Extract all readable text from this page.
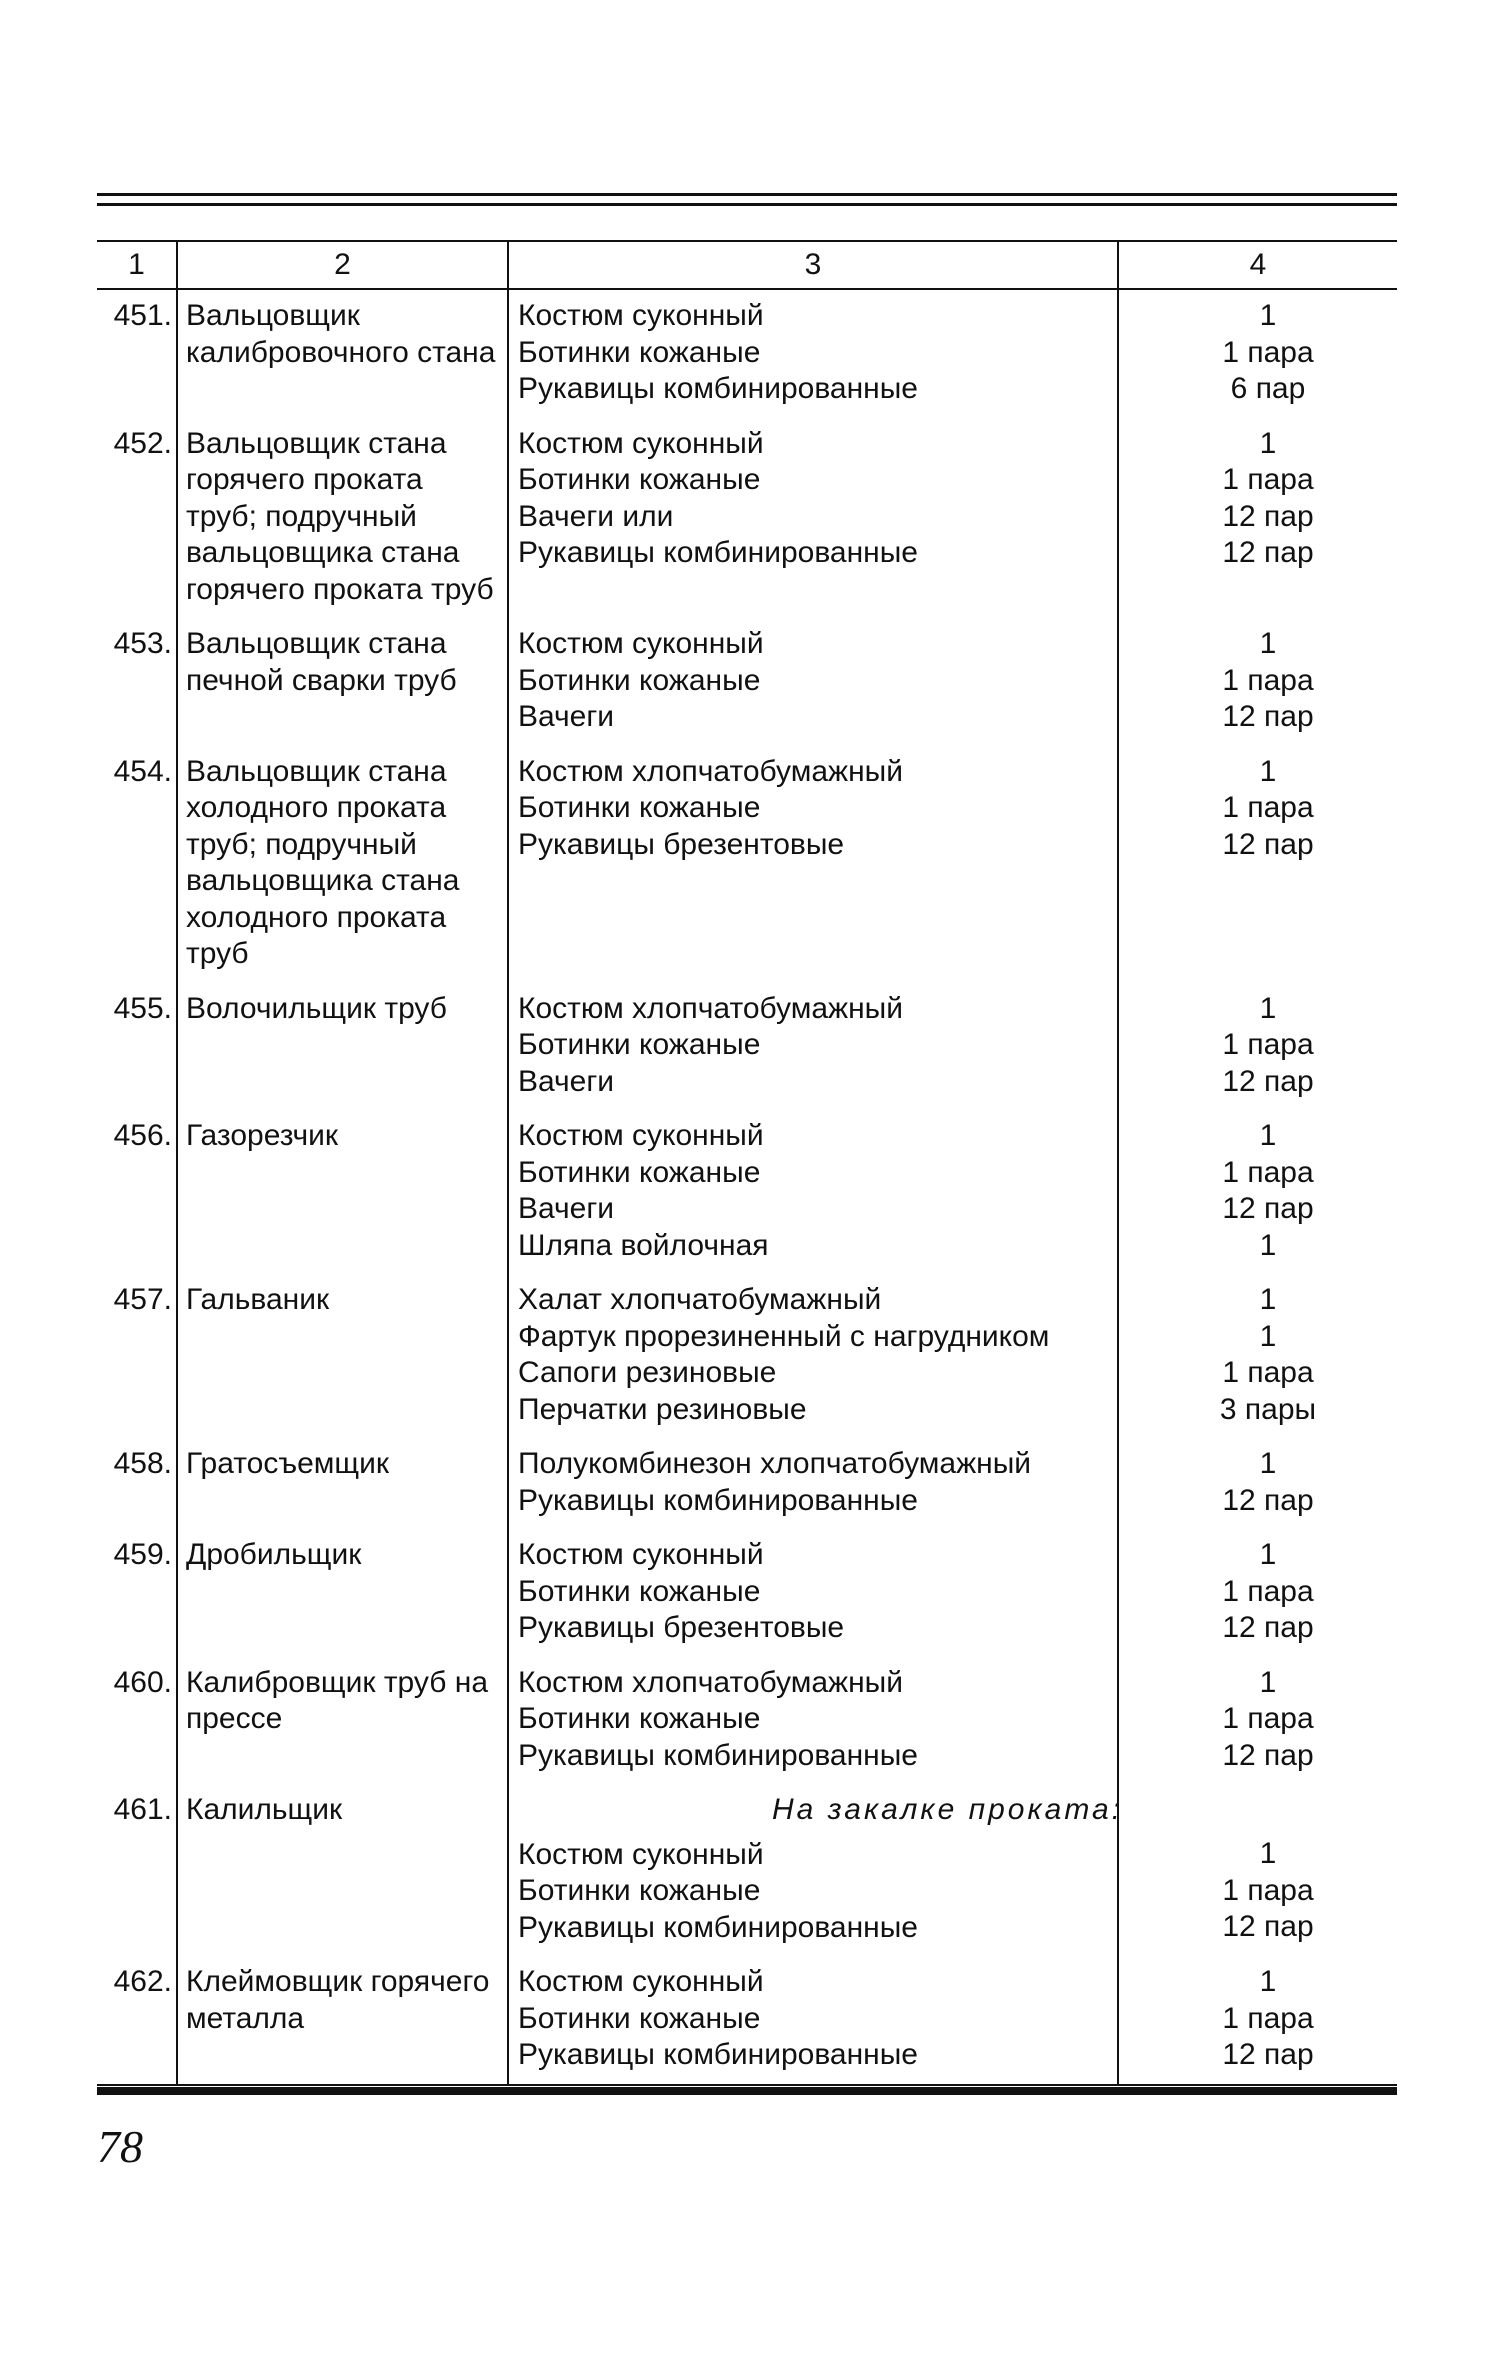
1	2	3	4
451.	Вальцовщик калибровочного стана	Костюм суконный
Ботинки кожаные
Рукавицы комбинированные	1
1 пара
6 пар

452.	Вальцовщик стана горячего проката труб; подручный вальцовщика стана горячего проката труб	Костюм суконный
Ботинки кожаные
Вачеги или
Рукавицы комбинированные	1
1 пара
12 пар
12 пар

453.	Вальцовщик стана печной сварки труб	Костюм суконный
Ботинки кожаные
Вачеги	1
1 пара
12 пар

454.	Вальцовщик стана холодного проката труб; подручный вальцовщика стана холодного проката труб	Костюм хлопчатобумажный
Ботинки кожаные
Рукавицы брезентовые	1
1 пара
12 пар

455.	Волочильщик труб	Костюм хлопчатобумажный
Ботинки кожаные
Вачеги	1
1 пара
12 пар

456.	Газорезчик	Костюм суконный
Ботинки кожаные
Вачеги
Шляпа войлочная	1
1 пара
12 пар
1

457.	Гальваник	Халат хлопчатобумажный
Фартук прорезиненный с нагрудником
Сапоги резиновые
Перчатки резиновые	1
1
1 пара
3 пары

458.	Гратосъемщик	Полукомбинезон хлопчатобумажный
Рукавицы комбинированные	1
12 пар

459.	Дробильщик	Костюм суконный
Ботинки кожаные
Рукавицы брезентовые	1
1 пара
12 пар

460.	Калибровщик труб на прессе	Костюм хлопчатобумажный
Ботинки кожаные
Рукавицы комбинированные	1
1 пара
12 пар

461.	Калильщик	На закалке проката:
Костюм суконный
Ботинки кожаные
Рукавицы комбинированные	1
1 пара
12 пар

462.	Клеймовщик горячего металла	Костюм суконный
Ботинки кожаные
Рукавицы комбинированные	1
1 пара
12 пар
78
